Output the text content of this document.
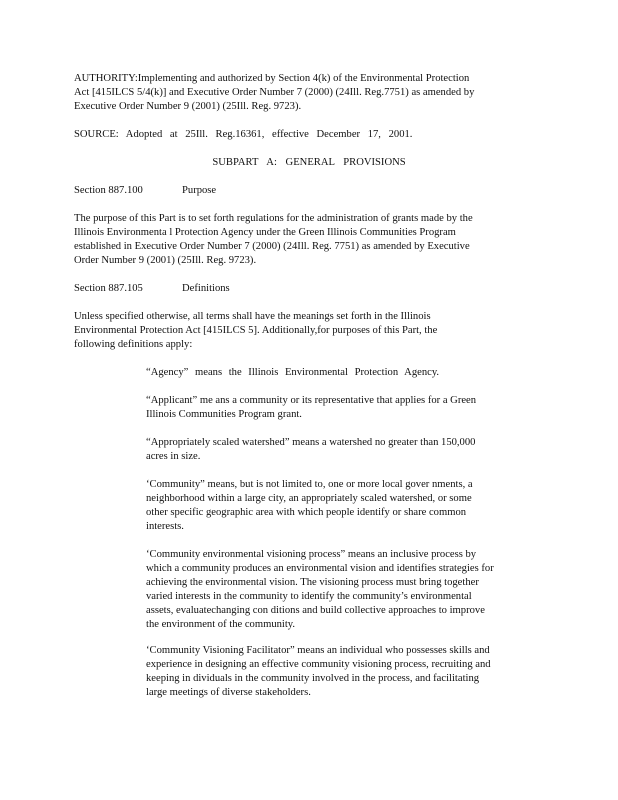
AUTHORITY:Implementing and authorized by Section 4(k) of the Environmental Protection
Act [415ILCS 5/4(k)] and Executive Order Number 7 (2000) (24Ill. Reg.7751) as amended by
Executive Order Number 9 (2001) (25Ill. Reg. 9723).

SOURCE: Adopted at 25Ill. Reg.16361, effective December 17, 2001.

SUBPART A: GENERAL PROVISIONS

Section 887.100	Purpose

The purpose of this Part is to set forth regulations for the administration of grants made by the
Illinois Environmenta l Protection Agency under the Green Illinois Communities Program
established in Executive Order Number 7 (2000) (24Ill. Reg. 7751) as amended by Executive
Order Number 9 (2001) (25Ill. Reg. 9723).

Section 887.105	Definitions

Unless specified otherwise, all terms shall have the meanings set forth in the Illinois
Environmental Protection Act [415ILCS 5]. Additionally,for purposes of this Part, the
following definitions apply:

“Agency” means the Illinois Environmental Protection Agency.

“Applicant” me ans a community or its representative that applies for a Green
Illinois Communities Program grant.

“Appropriately scaled watershed” means a watershed no greater than 150,000
acres in size.

‘Community” means, but is not limited to, one or more local gover nments, a
neighborhood within a large city, an appropriately scaled watershed, or some
other specific geographic area with which people identify or share common
interests.

‘Community environmental visioning process” means an inclusive process by
which a community produces an environmental vision and identifies strategies for
achieving the environmental vision. The visioning process must bring together
varied interests in the community to identify the community’s environmental
assets, evaluatechanging con ditions and build collective approaches to improve
the environment of the community.

‘Community Visioning Facilitator” means an individual who possesses skills and
experience in designing an effective community visioning process, recruiting and
keeping in dividuals in the community involved in the process, and facilitating
large meetings of diverse stakeholders.
